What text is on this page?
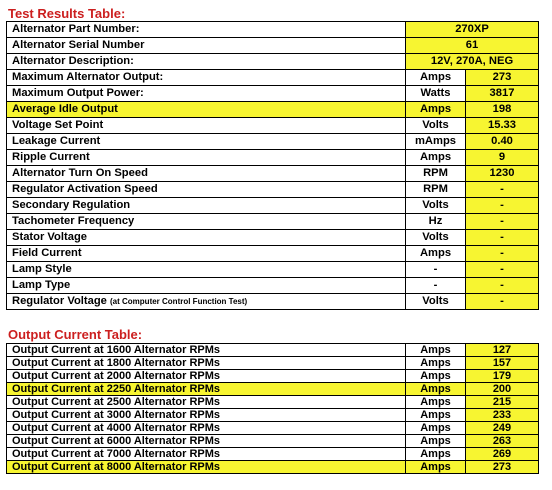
Test Results Table:
Alternator Part Number:	270XP	
Alternator Serial Number	61	
Alternator Description:	12V, 270A, NEG	
Maximum Alternator Output:	Amps	273
Maximum Output Power:	Watts	3817
Average Idle Output	Amps	198
Voltage Set Point	Volts	15.33
Leakage Current	mAmps	0.40
Ripple Current	Amps	9
Alternator Turn On Speed	RPM	1230
Regulator Activation Speed	RPM	-
Secondary Regulation	Volts	-
Tachometer Frequency	Hz	-
Stator Voltage	Volts	-
Field Current	Amps	-
Lamp Style	-	-
Lamp Type	-	-
Regulator Voltage (at Computer Control Function Test)	Volts	-
Output Current Table:
Output Current at 1600 Alternator RPMs	Amps	127
Output Current at 1800 Alternator RPMs	Amps	157
Output Current at 2000 Alternator RPMs	Amps	179
Output Current at 2250 Alternator RPMs	Amps	200
Output Current at 2500 Alternator RPMs	Amps	215
Output Current at 3000 Alternator RPMs	Amps	233
Output Current at 4000 Alternator RPMs	Amps	249
Output Current at 6000 Alternator RPMs	Amps	263
Output Current at 7000 Alternator RPMs	Amps	269
Output Current at 8000 Alternator RPMs	Amps	273
